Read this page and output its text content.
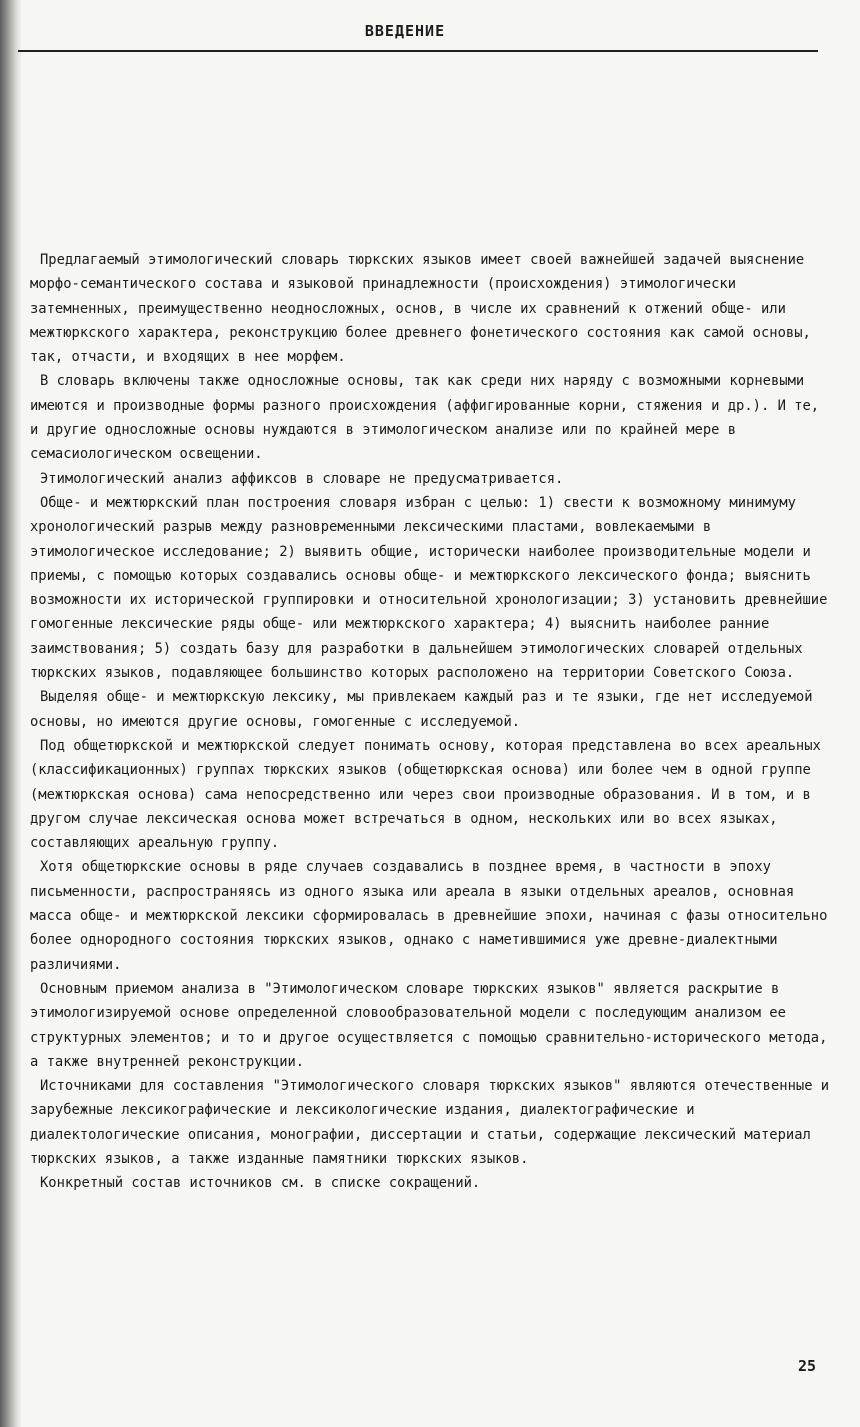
ВВЕДЕНИЕ

Предлагаемый этимологический словарь тюркских языков имеет своей важнейшей задачей выяснение морфо-семантического состава и языковой принадлежности (происхождения) этимологически затемненных, преимущественно неодносложных, основ, в числе их сравнений к отжений обще- или межтюркского характера, реконструкцию более древнего фонетического состояния как самой основы, так, отчасти, и входящих в нее морфем.

В словарь включены также односложные основы, так как среди них наряду с возможными корневыми имеются и производные формы разного происхождения (аффигированные корни, стяжения и др.). И те, и другие односложные основы нуждаются в этимологическом анализе или по крайней мере в семасиологическом освещении.

Этимологический анализ аффиксов в словаре не предусматривается.

Обще- и межтюркский план построения словаря избран с целью: 1) свести к возможному минимуму хронологический разрыв между разновременными лексическими пластами, вовлекаемыми в этимологическое исследование; 2) выявить общие, исторически наиболее производительные модели и приемы, с помощью которых создавались основы обще- и межтюркского лексического фонда; выяснить возможности их исторической группировки и относительной хронологизации; 3) установить древнейшие гомогенные лексические ряды обще- или межтюркского характера; 4) выяснить наиболее ранние заимствования; 5) создать базу для разработки в дальнейшем этимологических словарей отдельных тюркских языков, подавляющее большинство которых расположено на территории Советского Союза.

Выделяя обще- и межтюркскую лексику, мы привлекаем каждый раз и те языки, где нет исследуемой основы, но имеются другие основы, гомогенные с исследуемой.

Под общетюркской и межтюркской следует понимать основу, которая представлена во всех ареальных (классификационных) группах тюркских языков (общетюркская основа) или более чем в одной группе (межтюркская основа) сама непосредственно или через свои производные образования. И в том, и в другом случае лексическая основа может встречаться в одном, нескольких или во всех языках, составляющих ареальную группу.

Хотя общетюркские основы в ряде случаев создавались в позднее время, в частности в эпоху письменности, распространяясь из одного языка или ареала в языки отдельных ареалов, основная масса обще- и межтюркской лексики сформировалась в древнейшие эпохи, начиная с фазы относительно более однородного состояния тюркских языков, однако с наметившимися уже древне-диалектными различиями.

Основным приемом анализа в "Этимологическом словаре тюркских языков" является раскрытие в этимологизируемой основе определенной словообразовательной модели с последующим анализом ее структурных элементов; и то и другое осуществляется с помощью сравнительно-исторического метода, а также внутренней реконструкции.

Источниками для составления "Этимологического словаря тюркских языков" являются отечественные и зарубежные лексикографические и лексикологические издания, диалектографические и диалектологические описания, монографии, диссертации и статьи, содержащие лексический материал тюркских языков, а также изданные памятники тюркских языков.

Конкретный состав источников см. в списке сокращений.

25
